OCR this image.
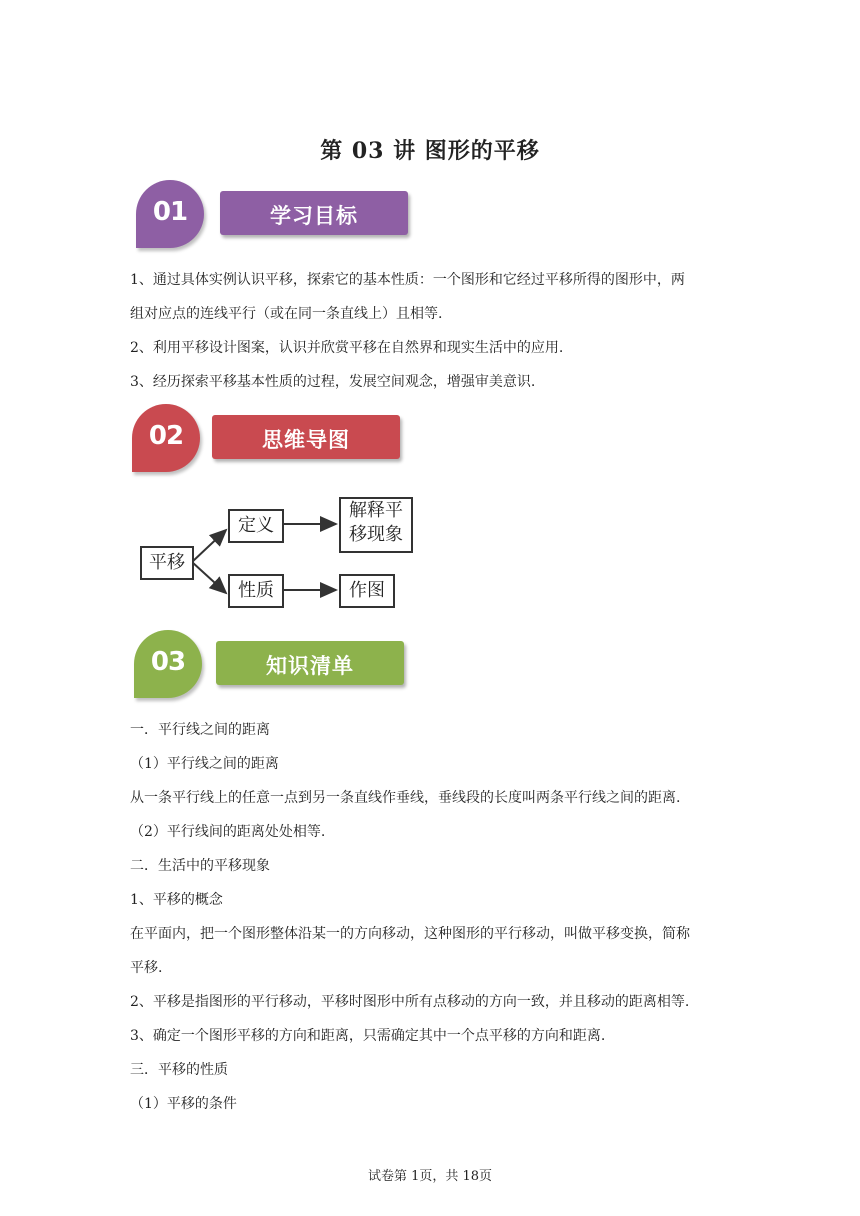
第 03 讲 图形的平移
01	学习目标
1、通过具体实例认识平移，探索它的基本性质：一个图形和它经过平移所得的图形中，两
组对应点的连线平行（或在同一条直线上）且相等.
2、利用平移设计图案，认识并欣赏平移在自然界和现实生活中的应用.
3、经历探索平移基本性质的过程，发展空间观念，增强审美意识.
02	思维导图
平移
定义
性质
解释平
移现象
作图
03	知识清单
一．平行线之间的距离
（1）平行线之间的距离
从一条平行线上的任意一点到另一条直线作垂线，垂线段的长度叫两条平行线之间的距离.
（2）平行线间的距离处处相等.
二．生活中的平移现象
1、平移的概念
在平面内，把一个图形整体沿某一的方向移动，这种图形的平行移动，叫做平移变换，简称
平移.
2、平移是指图形的平行移动，平移时图形中所有点移动的方向一致，并且移动的距离相等.
3、确定一个图形平移的方向和距离，只需确定其中一个点平移的方向和距离.
三．平移的性质
（1）平移的条件
试卷第 1页，共 18页
